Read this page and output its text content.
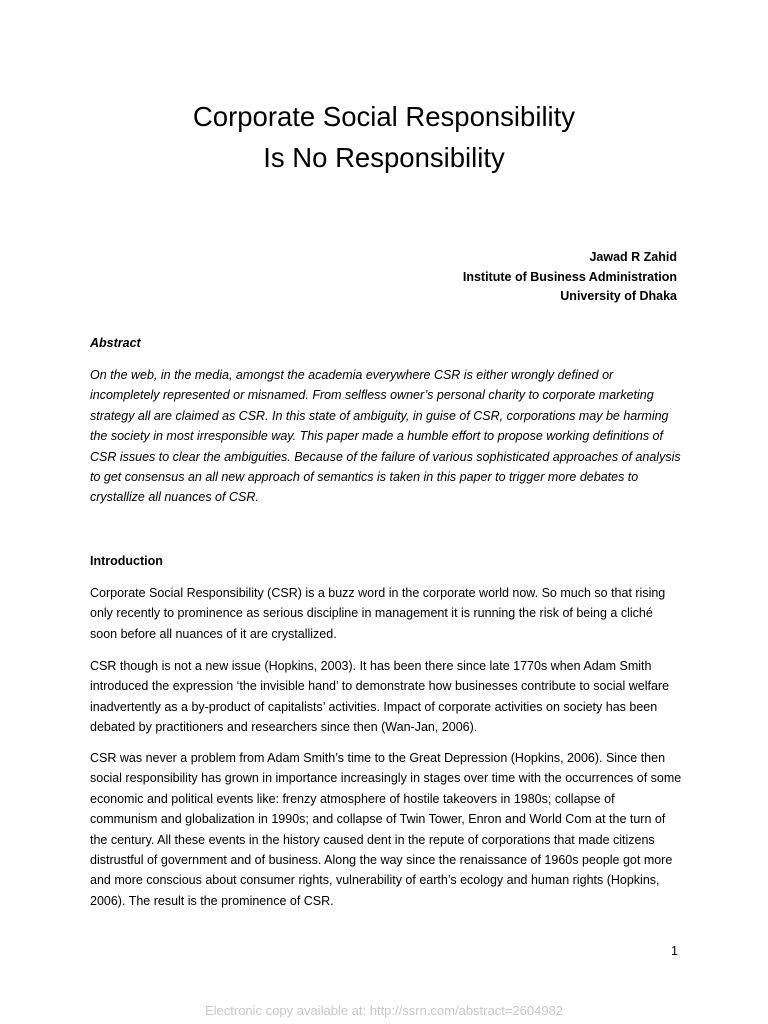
Corporate Social Responsibility
Is No Responsibility
Jawad R Zahid
Institute of Business Administration
University of Dhaka
Abstract

On the web, in the media, amongst the academia everywhere CSR is either wrongly defined or incompletely represented or misnamed. From selfless owner’s personal charity to corporate marketing strategy all are claimed as CSR. In this state of ambiguity, in guise of CSR, corporations may be harming the society in most irresponsible way. This paper made a humble effort to propose working definitions of CSR issues to clear the ambiguities. Because of the failure of various sophisticated approaches of analysis to get consensus an all new approach of semantics is taken in this paper to trigger more debates to crystallize all nuances of CSR.

Introduction

Corporate Social Responsibility (CSR) is a buzz word in the corporate world now. So much so that rising only recently to prominence as serious discipline in management it is running the risk of being a cliché soon before all nuances of it are crystallized.

CSR though is not a new issue (Hopkins, 2003). It has been there since late 1770s when Adam Smith introduced the expression ‘the invisible hand’ to demonstrate how businesses contribute to social welfare inadvertently as a by-product of capitalists’ activities. Impact of corporate activities on society has been debated by practitioners and researchers since then (Wan-Jan, 2006).

CSR was never a problem from Adam Smith’s time to the Great Depression (Hopkins, 2006). Since then social responsibility has grown in importance increasingly in stages over time with the occurrences of some economic and political events like: frenzy atmosphere of hostile takeovers in 1980s; collapse of communism and globalization in 1990s; and collapse of Twin Tower, Enron and World Com at the turn of the century. All these events in the history caused dent in the repute of corporations that made citizens distrustful of government and of business. Along the way since the renaissance of 1960s people got more and more conscious about consumer rights, vulnerability of earth’s ecology and human rights (Hopkins, 2006). The result is the prominence of CSR.

1
Electronic copy available at: http://ssrn.com/abstract=2604982
